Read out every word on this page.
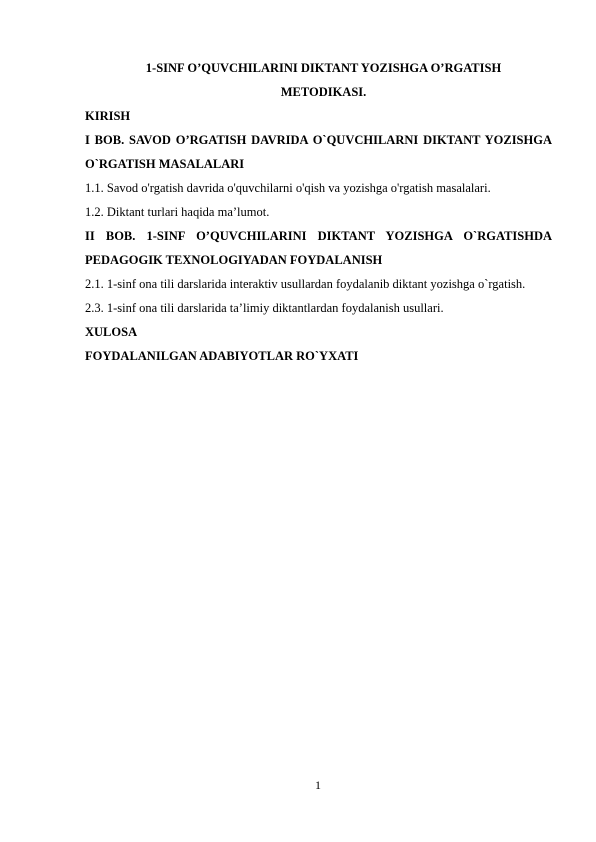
1-SINF O’QUVCHILARINI DIKTANT YOZISHGA O’RGATISH METODIKASI.

KIRISH

I BOB. SAVOD O’RGATISH DAVRIDA O`QUVCHILARNI DIKTANT YOZISHGA O`RGATISH MASALALARI

1.1. Savod o'rgatish davrida o'quvchilarni o'qish va yozishga o'rgatish masalalari.

1.2. Diktant turlari haqida ma’lumot.

II BOB. 1-SINF O’QUVCHILARINI DIKTANT YOZISHGA O`RGATISHDA PEDAGOGIK TEXNOLOGIYADAN FOYDALANISH

2.1. 1-sinf ona tili darslarida interaktiv usullardan foydalanib diktant yozishga o`rgatish.

2.3. 1-sinf ona tili darslarida ta’limiy diktantlardan foydalanish usullari.

XULOSA

FOYDALANILGAN ADABIYOTLAR RO`YXATI

1
